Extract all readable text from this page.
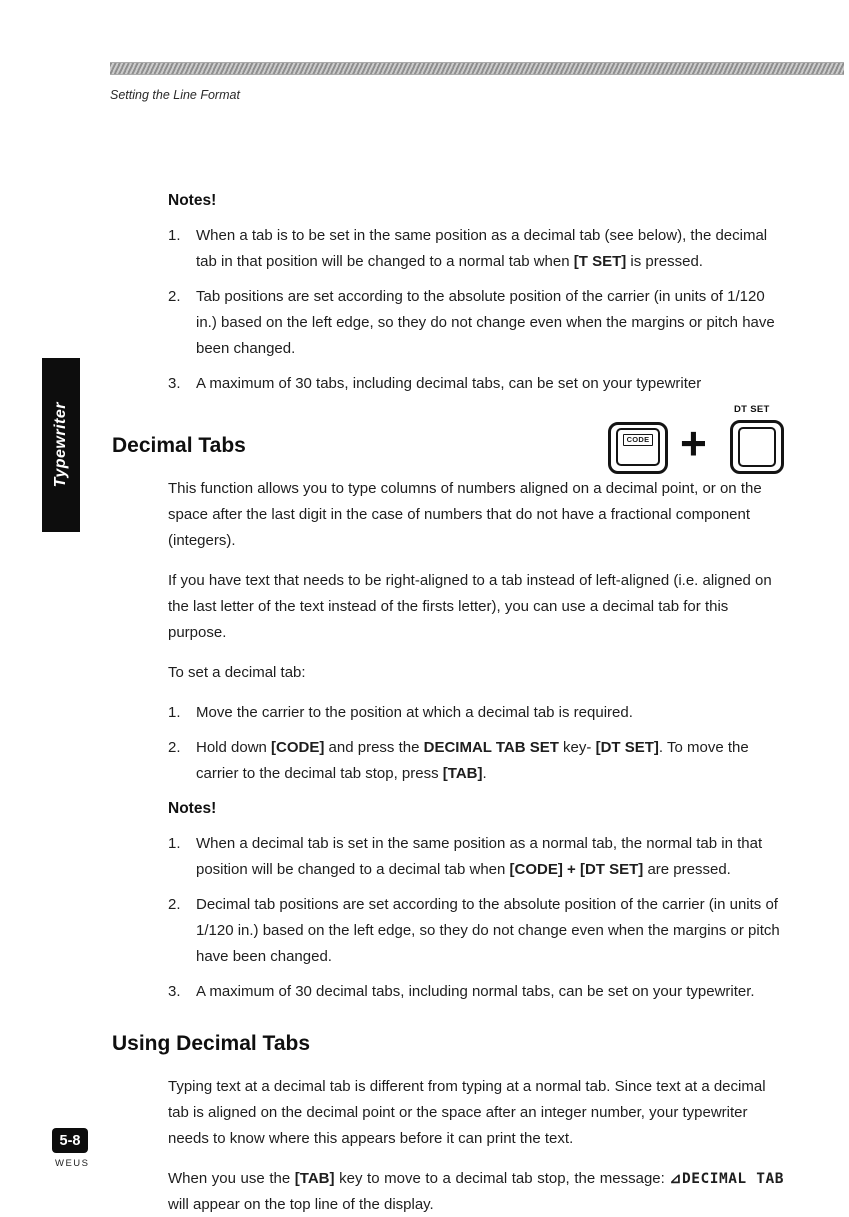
Setting the Line Format
Typewriter	DT SET
CODE +
Notes!
1.	When a tab is to be set in the same position as a decimal tab (see below), the decimal tab in that position will be changed to a normal tab when [T SET] is pressed.
2.	Tab positions are set according to the absolute position of the carrier (in units of 1/120 in.) based on the left edge, so they do not change even when the margins or pitch have been changed.
3.	A maximum of 30 tabs, including decimal tabs, can be set on your typewriter
Decimal Tabs

This function allows you to type columns of numbers aligned on a decimal point, or on the space after the last digit in the case of numbers that do not have a fractional component (integers).

If you have text that needs to be right-aligned to a tab instead of left-aligned (i.e. aligned on the last letter of the text instead of the firsts letter), you can use a decimal tab for this purpose.

To set a decimal tab:

1.	Move the carrier to the position at which a decimal tab is required.
2.	Hold down [CODE] and press the DECIMAL TAB SET key- [DT SET]. To move the carrier to the decimal tab stop, press [TAB].
Notes!
1.	When a decimal tab is set in the same position as a normal tab, the normal tab in that position will be changed to a decimal tab when [CODE] + [DT SET] are pressed.
2.	Decimal tab positions are set according to the absolute position of the carrier (in units of 1/120 in.) based on the left edge, so they do not change even when the margins or pitch have been changed.
3.	A maximum of 30 decimal tabs, including normal tabs, can be set on your typewriter.
Using Decimal Tabs

Typing text at a decimal tab is different from typing at a normal tab. Since text at a decimal tab is aligned on the decimal point or the space after an integer number, your typewriter needs to know where this appears before it can print the text.

When you use the [TAB] key to move to a decimal tab stop, the message: ⊿DECIMAL TAB will appear on the top line of the display.

5-8
WEUS
